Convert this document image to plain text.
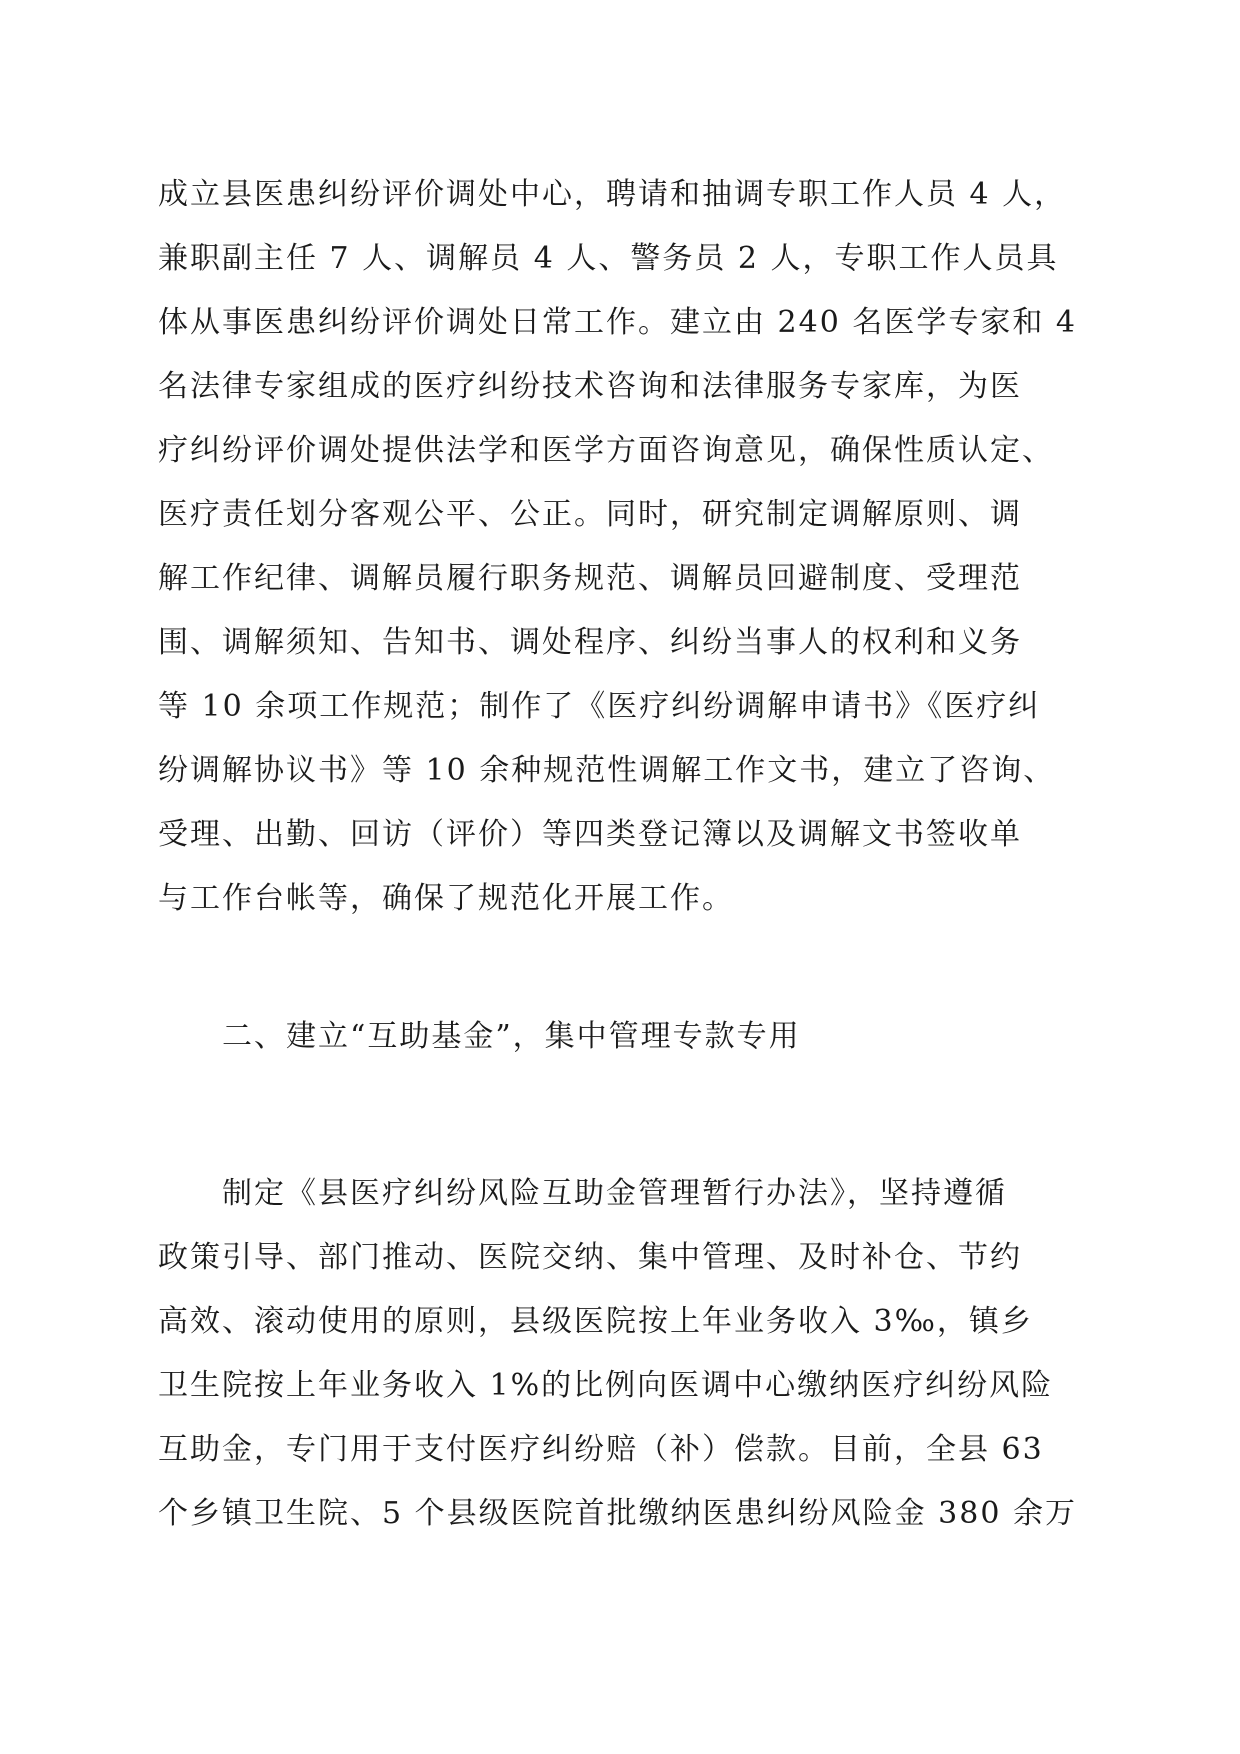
成立县医患纠纷评价调处中心，聘请和抽调专职工作人员 4 人，
兼职副主任 7 人、调解员 4 人、警务员 2 人，专职工作人员具
体从事医患纠纷评价调处日常工作。建立由 240 名医学专家和 4
名法律专家组成的医疗纠纷技术咨询和法律服务专家库，为医
疗纠纷评价调处提供法学和医学方面咨询意见，确保性质认定、
医疗责任划分客观公平、公正。同时，研究制定调解原则、调
解工作纪律、调解员履行职务规范、调解员回避制度、受理范
围、调解须知、告知书、调处程序、纠纷当事人的权利和义务
等 10 余项工作规范；制作了《医疗纠纷调解申请书》《医疗纠
纷调解协议书》等 10 余种规范性调解工作文书，建立了咨询、
受理、出勤、回访（评价）等四类登记簿以及调解文书签收单
与工作台帐等，确保了规范化开展工作。
二、建立“互助基金”，集中管理专款专用
制定《县医疗纠纷风险互助金管理暂行办法》，坚持遵循
政策引导、部门推动、医院交纳、集中管理、及时补仓、节约
高效、滚动使用的原则，县级医院按上年业务收入 3‰，镇乡
卫生院按上年业务收入 1%的比例向医调中心缴纳医疗纠纷风险
互助金，专门用于支付医疗纠纷赔（补）偿款。目前，全县 63
个乡镇卫生院、5 个县级医院首批缴纳医患纠纷风险金 380 余万
